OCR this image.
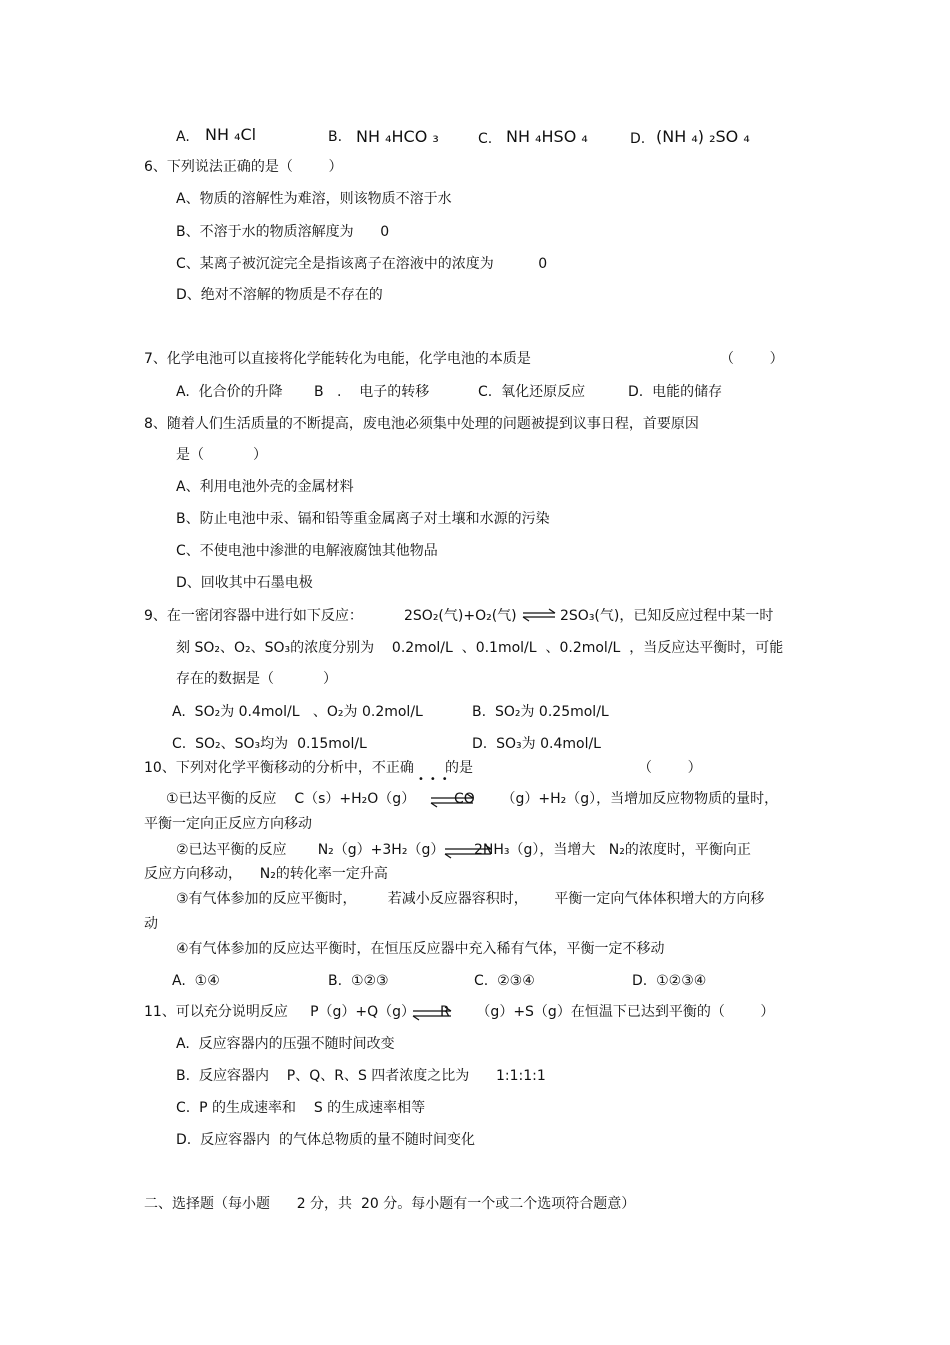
A. NH ₄Cl	B. NH ₄HCO ₃	C. NH ₄HSO ₄	D. (NH ₄) ₂SO ₄
6、下列说法正确的是（        ）
A、物质的溶解性为难溶，则该物质不溶于水
B、不溶于水的物质溶解度为      0
C、某离子被沉淀完全是指该离子在溶液中的浓度为          0
D、绝对不溶解的物质是不存在的
7、化学电池可以直接将化学能转化为电能，化学电池的本质是	（        ）
A.  化合价的升降 B   .    电子的转移	C.  氧化还原反应	D.  电能的储存
8、随着人们生活质量的不断提高，废电池必须集中处理的问题被提到议事日程，首要原因
是（           ）
A、利用电池外壳的金属材料
B、防止电池中汞、镉和铅等重金属离子对土壤和水源的污染
C、不使电池中渗泄的电解液腐蚀其他物品
D、回收其中石墨电极
9、在一密闭容器中进行如下反应：	2SO₂(气)+O₂(气) ⇌ 2SO₃(气)，已知反应过程中某一时
刻 SO₂、O₂、SO₃的浓度分别为    0.2mol/L  、0.1mol/L  、0.2mol/L  ，当反应达平衡时，可能
存在的数据是（           ）
A.  SO₂为 0.4mol/L   、O₂为 0.2mol/L	B.  SO₂为 0.25mol/L
C.  SO₂、SO₃均为  0.15mol/L	D.  SO₃为 0.4mol/L
10、下列对化学平衡移动的分析中，不正确       的是
•••
（        ）
①已达平衡的反应    C（s）+H₂O（g） ⇌
CO      （g）+H₂（g），当增加反应物物质的量时，
平衡一定向正反应方向移动
②已达平衡的反应       N₂（g）+3H₂（g） ⇌
2NH₃（g），当增大   N₂的浓度时，平衡向正
反应方向移动，    N₂的转化率一定升高
③有气体参加的反应平衡时，       若减小反应器容积时，      平衡一定向气体体积增大的方向移
动
④有气体参加的反应达平衡时，在恒压反应器中充入稀有气体，平衡一定不移动
A.  ①④	B.  ①②③	C.  ②③④	D.  ①②③④
11、可以充分说明反应     P（g）+Q（g） R      （g）+S（g）在恒温下已达到平衡的（        ）
A.  反应容器内的压强不随时间改变
B.  反应容器内    P、Q、R、S 四者浓度之比为      1:1:1:1
C.  P 的生成速率和    S 的生成速率相等
D.  反应容器内  的气体总物质的量不随时间变化
二、选择题（每小题      2 分，共  20 分。每小题有一个或二个选项符合题意）
